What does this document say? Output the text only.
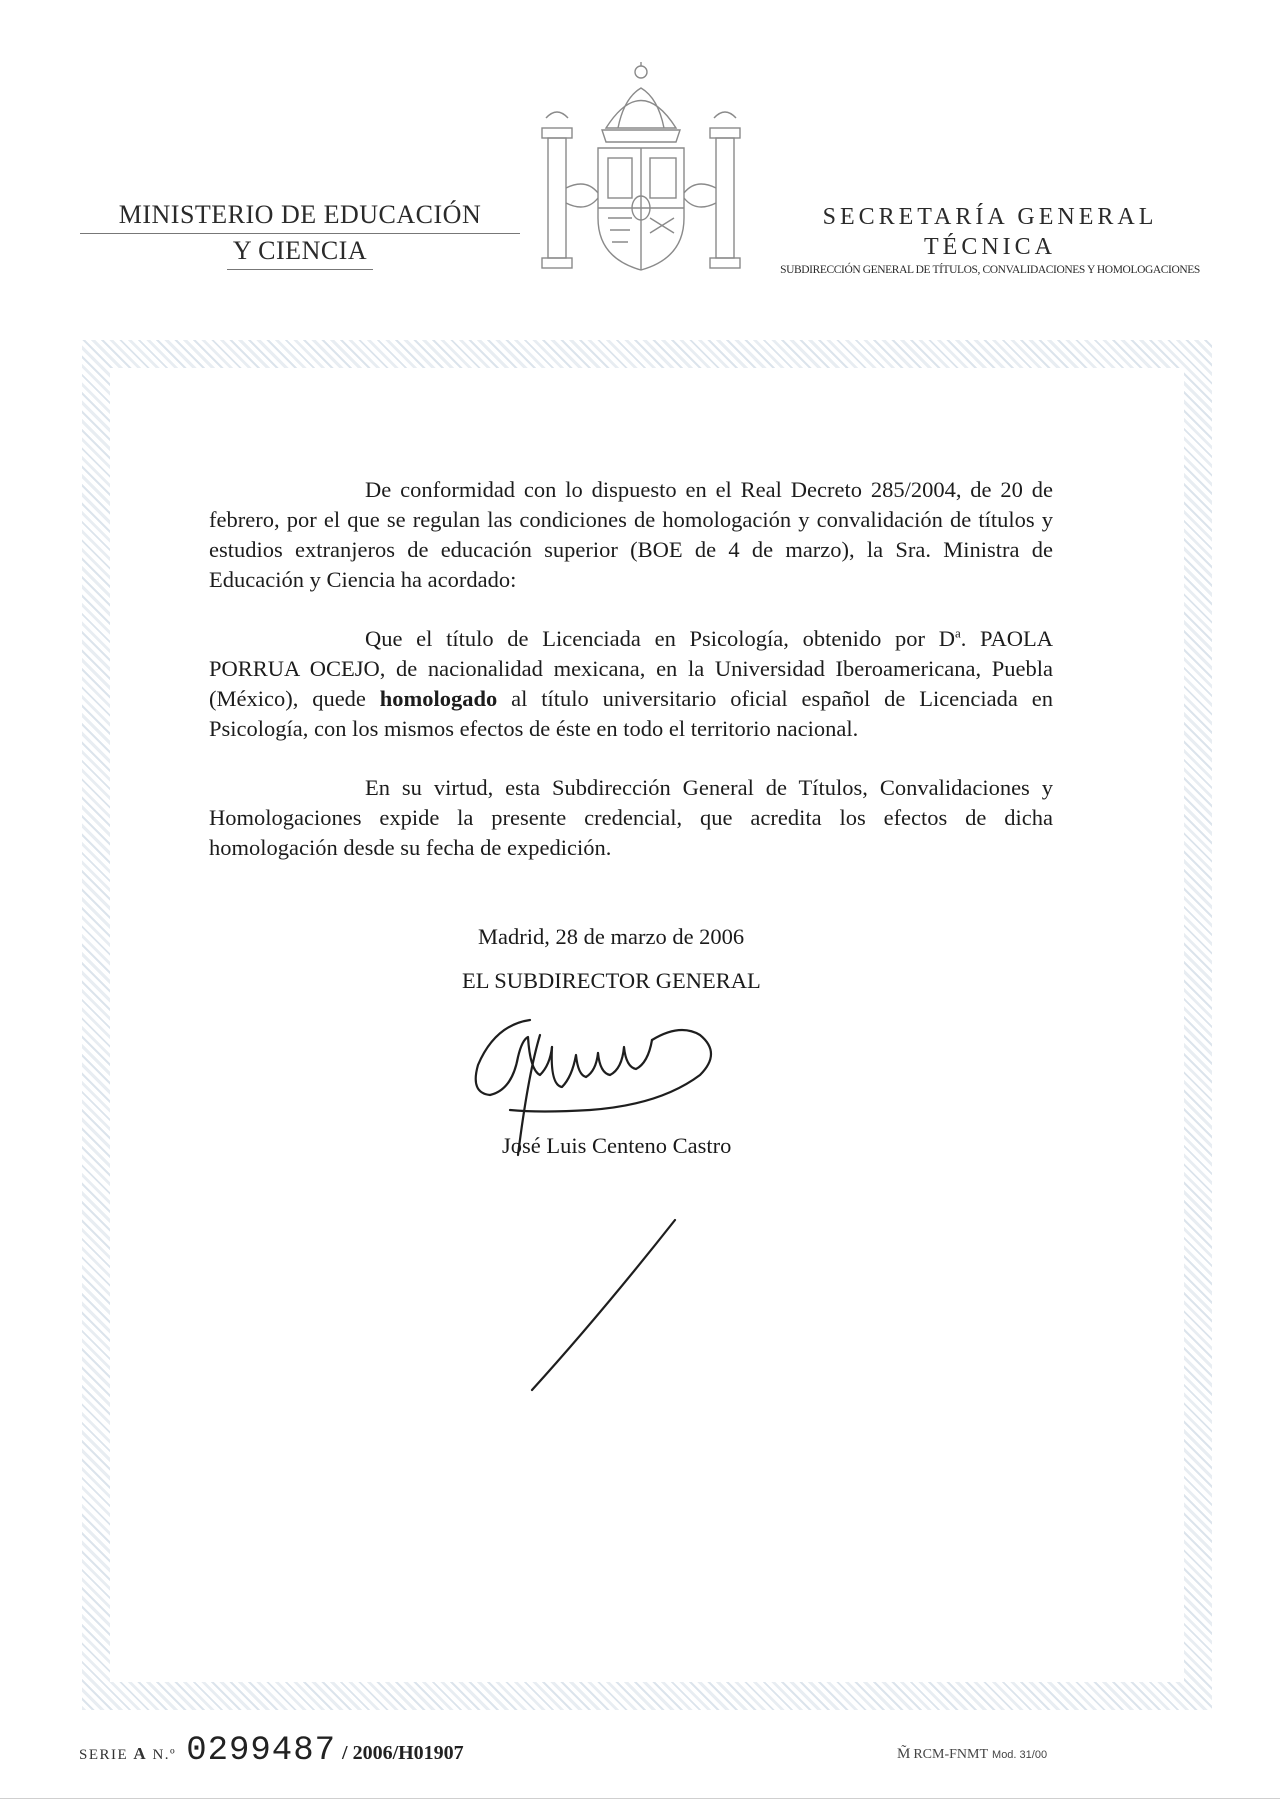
MINISTERIO DE EDUCACIÓN
Y CIENCIA
SECRETARÍA GENERAL TÉCNICA
SUBDIRECCIÓN GENERAL DE TÍTULOS, CONVALIDACIONES Y HOMOLOGACIONES

De conformidad con lo dispuesto en el Real Decreto 285/2004, de 20 de febrero, por el que se regulan las condiciones de homologación y convalidación de títulos y estudios extranjeros de educación superior (BOE de 4 de marzo), la Sra. Ministra de Educación y Ciencia ha acordado:

Que el título de Licenciada en Psicología, obtenido por $D^a$. PAOLA PORRUA OCEJO, de nacionalidad mexicana, en la Universidad Iberoamericana, Puebla (México), quede homologado al título universitario oficial español de Licenciada en Psicología, con los mismos efectos de éste en todo el territorio nacional.

En su virtud, esta Subdirección General de Títulos, Convalidaciones y Homologaciones expide la presente credencial, que acredita los efectos de dicha homologación desde su fecha de expedición.

Madrid, 28 de marzo de 2006
EL SUBDIRECTOR GENERAL
José Luis Centeno Castro
SERIE A N.º 0299487 / 2006/H01907	M̃ RCM-FNMT Mod. 31/00
